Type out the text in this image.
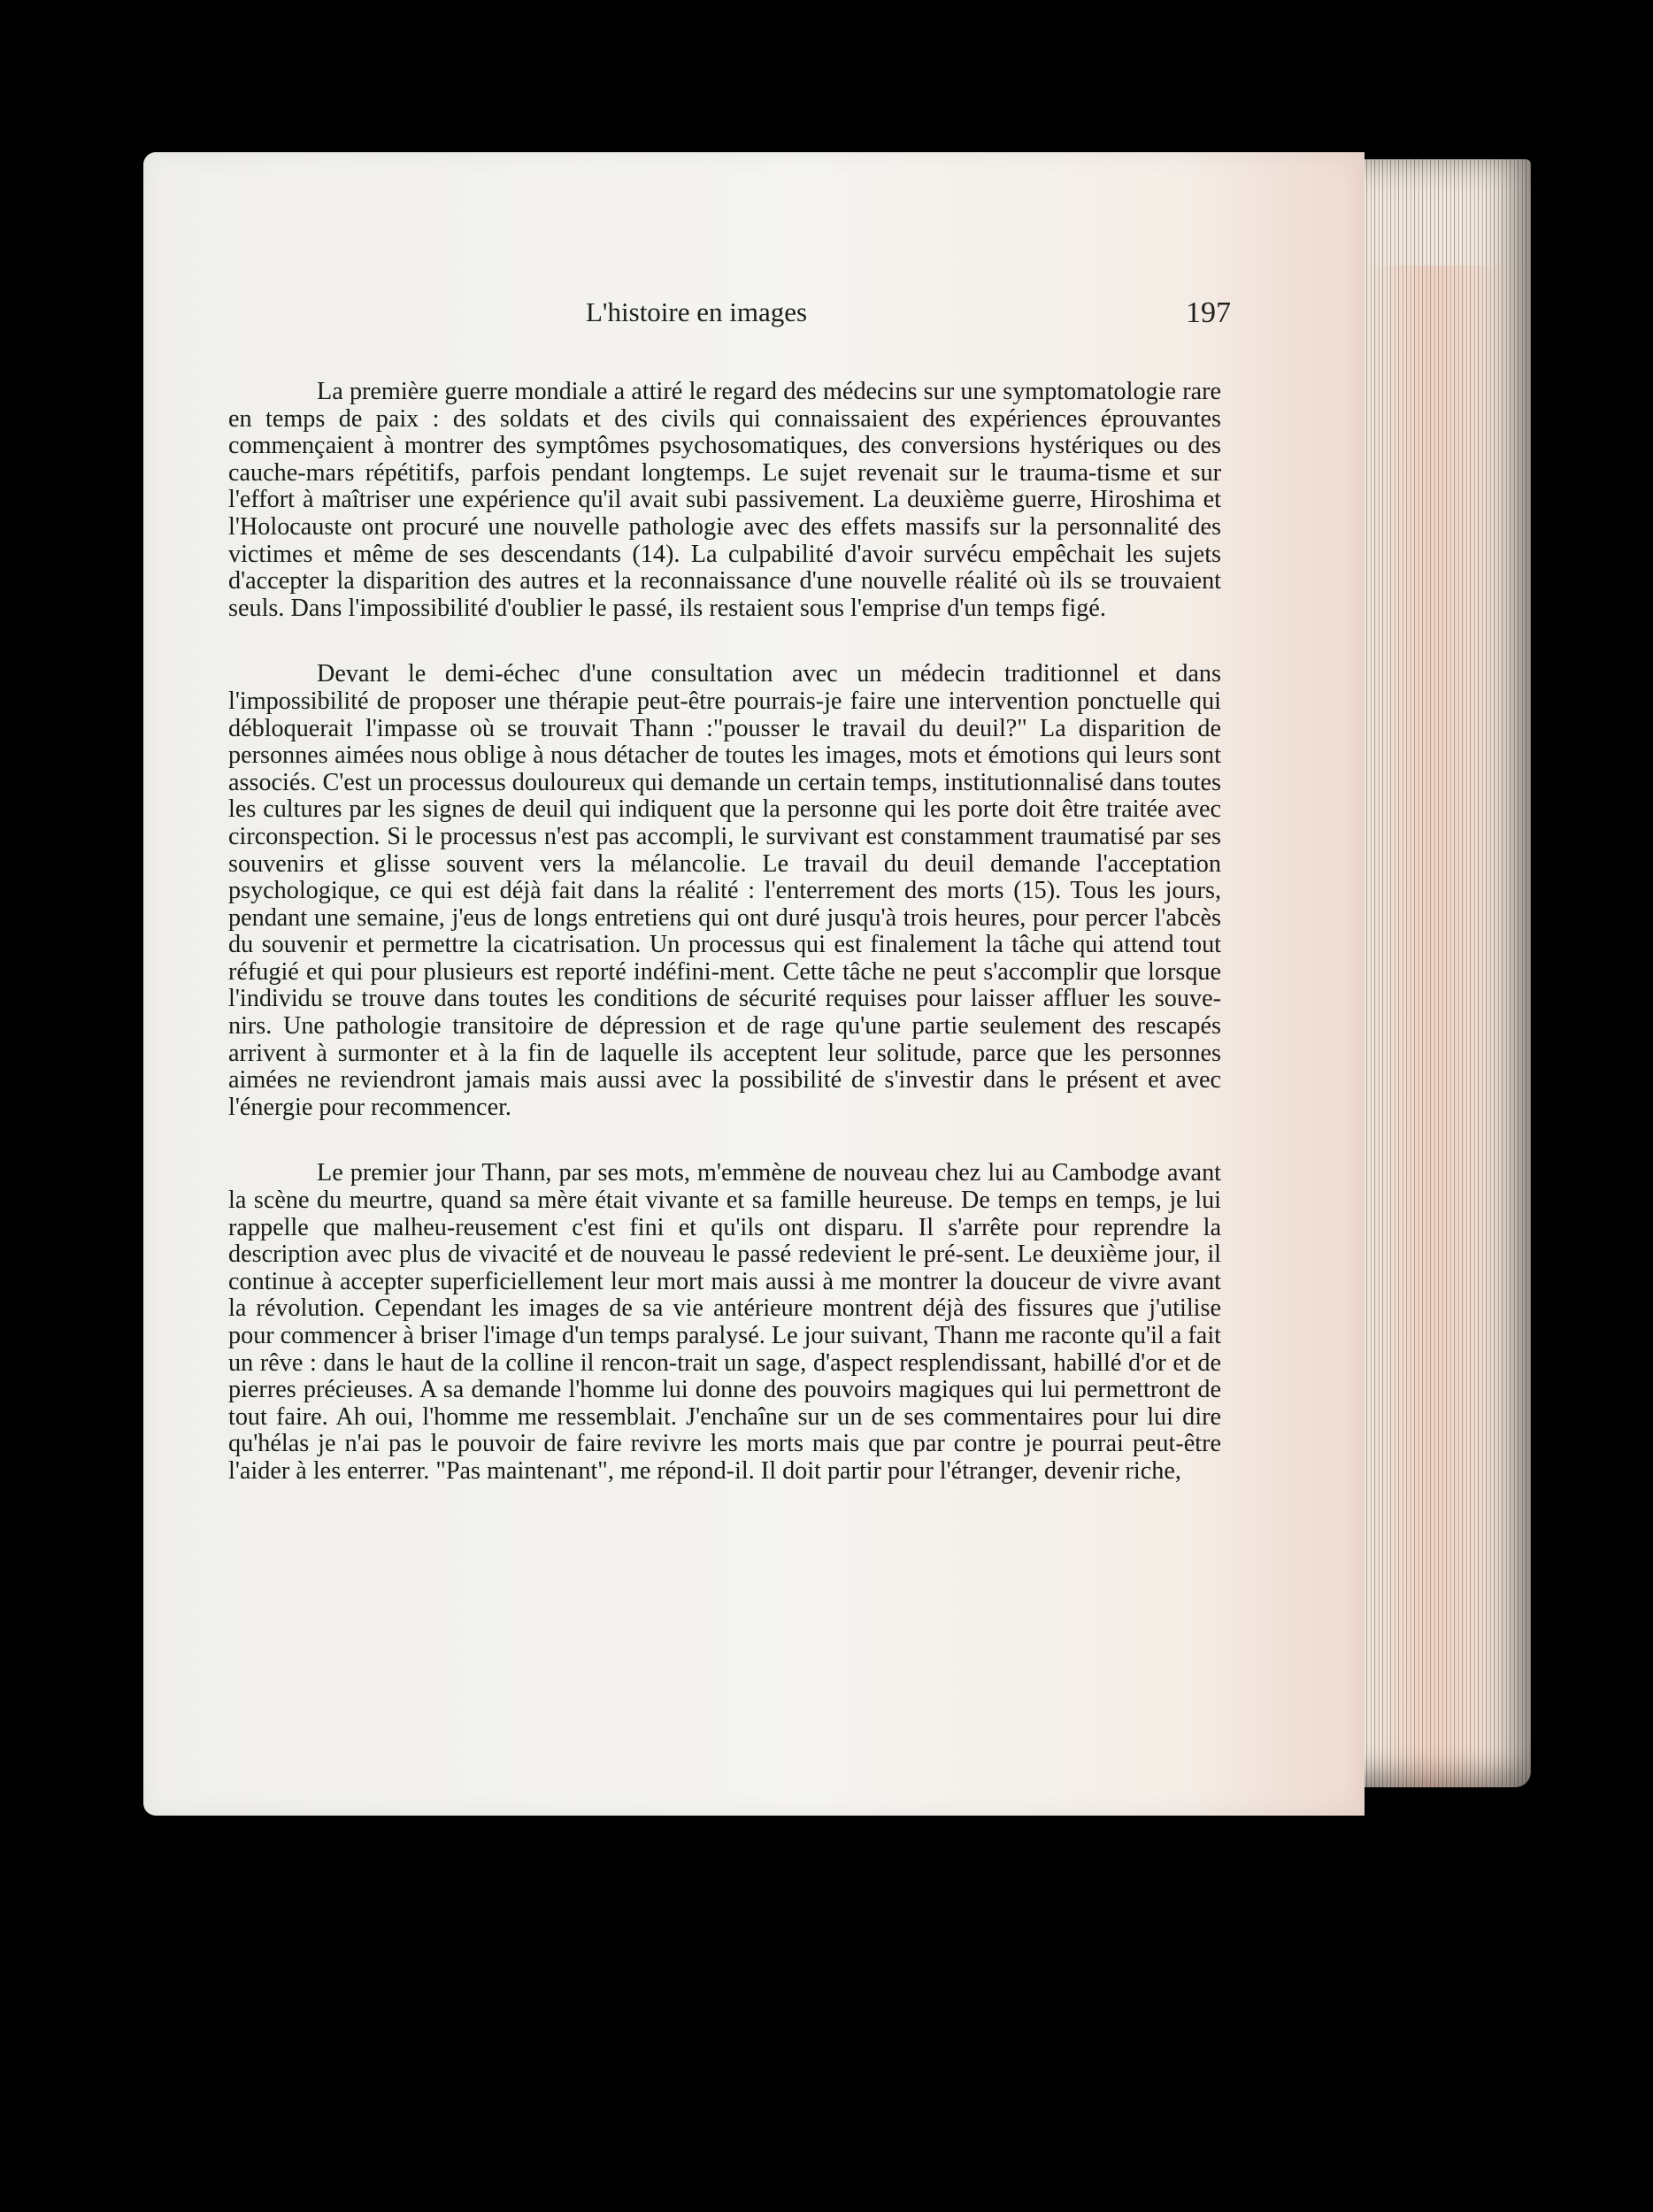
L'histoire en images	197

La première guerre mondiale a attiré le regard des médecins sur une symptomatologie rare en temps de paix : des soldats et des civils qui connaissaient des expériences éprouvantes commençaient à montrer des symptômes psychosomatiques, des conversions hystériques ou des cauche-mars répétitifs, parfois pendant longtemps. Le sujet revenait sur le trauma-tisme et sur l'effort à maîtriser une expérience qu'il avait subi passivement. La deuxième guerre, Hiroshima et l'Holocauste ont procuré une nouvelle pathologie avec des effets massifs sur la personnalité des victimes et même de ses descendants (14). La culpabilité d'avoir survécu empêchait les sujets d'accepter la disparition des autres et la reconnaissance d'une nouvelle réalité où ils se trouvaient seuls. Dans l'impossibilité d'oublier le passé, ils restaient sous l'emprise d'un temps figé.

Devant le demi-échec d'une consultation avec un médecin traditionnel et dans l'impossibilité de proposer une thérapie peut-être pourrais-je faire une intervention ponctuelle qui débloquerait l'impasse où se trouvait Thann :"pousser le travail du deuil?" La disparition de personnes aimées nous oblige à nous détacher de toutes les images, mots et émotions qui leurs sont associés. C'est un processus douloureux qui demande un certain temps, institutionnalisé dans toutes les cultures par les signes de deuil qui indiquent que la personne qui les porte doit être traitée avec circonspection. Si le processus n'est pas accompli, le survivant est constamment traumatisé par ses souvenirs et glisse souvent vers la mélancolie. Le travail du deuil demande l'acceptation psychologique, ce qui est déjà fait dans la réalité : l'enterrement des morts (15). Tous les jours, pendant une semaine, j'eus de longs entretiens qui ont duré jusqu'à trois heures, pour percer l'abcès du souvenir et permettre la cicatrisation. Un processus qui est finalement la tâche qui attend tout réfugié et qui pour plusieurs est reporté indéfini-ment. Cette tâche ne peut s'accomplir que lorsque l'individu se trouve dans toutes les conditions de sécurité requises pour laisser affluer les souve-nirs. Une pathologie transitoire de dépression et de rage qu'une partie seulement des rescapés arrivent à surmonter et à la fin de laquelle ils acceptent leur solitude, parce que les personnes aimées ne reviendront jamais mais aussi avec la possibilité de s'investir dans le présent et avec l'énergie pour recommencer.

Le premier jour Thann, par ses mots, m'emmène de nouveau chez lui au Cambodge avant la scène du meurtre, quand sa mère était vivante et sa famille heureuse. De temps en temps, je lui rappelle que malheu-reusement c'est fini et qu'ils ont disparu. Il s'arrête pour reprendre la description avec plus de vivacité et de nouveau le passé redevient le pré-sent. Le deuxième jour, il continue à accepter superficiellement leur mort mais aussi à me montrer la douceur de vivre avant la révolution. Cependant les images de sa vie antérieure montrent déjà des fissures que j'utilise pour commencer à briser l'image d'un temps paralysé. Le jour suivant, Thann me raconte qu'il a fait un rêve : dans le haut de la colline il rencon-trait un sage, d'aspect resplendissant, habillé d'or et de pierres précieuses. A sa demande l'homme lui donne des pouvoirs magiques qui lui permettront de tout faire. Ah oui, l'homme me ressemblait. J'enchaîne sur un de ses commentaires pour lui dire qu'hélas je n'ai pas le pouvoir de faire revivre les morts mais que par contre je pourrai peut-être l'aider à les enterrer. "Pas maintenant", me répond-il. Il doit partir pour l'étranger, devenir riche,
